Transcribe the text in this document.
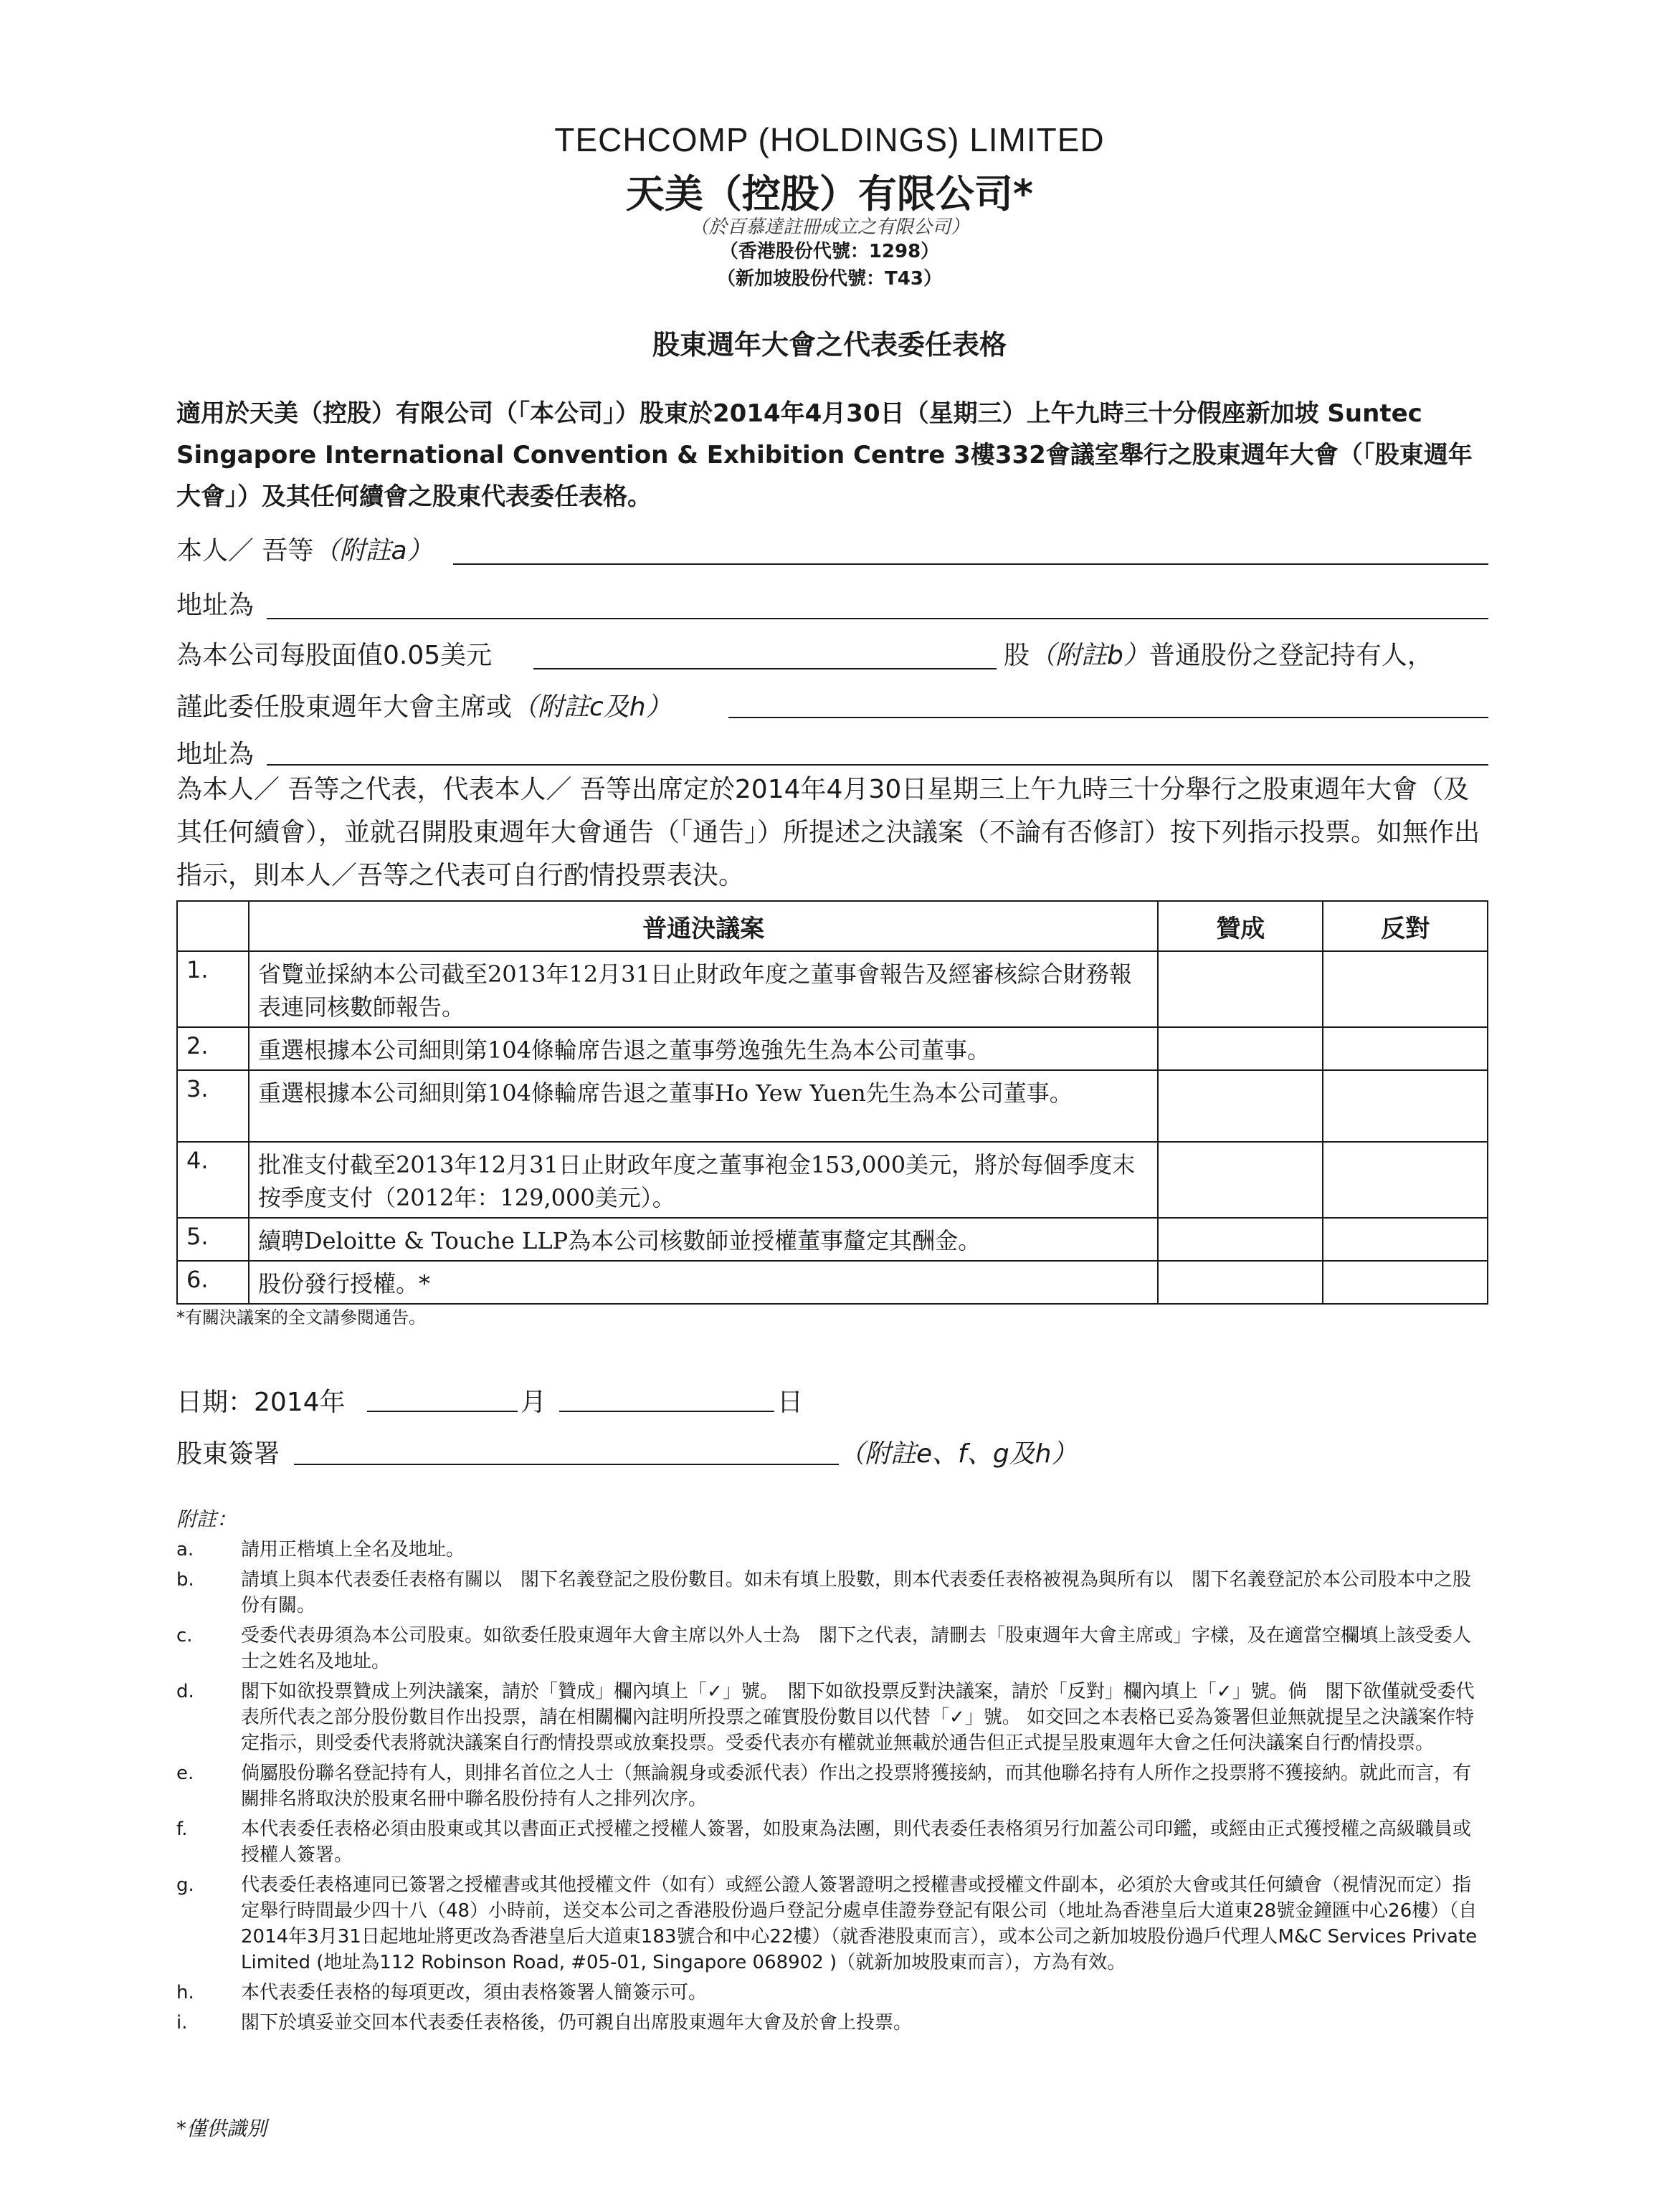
TECHCOMP (HOLDINGS) LIMITED
天美（控股）有限公司*
（於百慕達註冊成立之有限公司）
（香港股份代號：1298）
（新加坡股份代號：T43）
股東週年大會之代表委任表格
適用於天美（控股）有限公司（「本公司」）股東於2014年4月30日（星期三）上午九時三十分假座新加坡 Suntec Singapore International Convention & Exhibition Centre 3樓332會議室舉行之股東週年大會（「股東週年大會」）及其任何續會之股東代表委任表格。
本人／ 吾等（附註a）
地址為
為本公司每股面值0.05美元	股（附註b）普通股份之登記持有人，
謹此委任股東週年大會主席或（附註c及h）
地址為
為本人／ 吾等之代表，代表本人／ 吾等出席定於2014年4月30日星期三上午九時三十分舉行之股東週年大會（及其任何續會），並就召開股東週年大會通告（「通告」）所提述之決議案（不論有否修訂）按下列指示投票。如無作出指示，則本人／吾等之代表可自行酌情投票表決。
	普通決議案	贊成	反對
1.	省覽並採納本公司截至2013年12月31日止財政年度之董事會報告及經審核綜合財務報表連同核數師報告。		
2.	重選根據本公司細則第104條輪席告退之董事勞逸強先生為本公司董事。		
3.	重選根據本公司細則第104條輪席告退之董事Ho Yew Yuen先生為本公司董事。		
4.	批准支付截至2013年12月31日止財政年度之董事袍金153,000美元，將於每個季度末按季度支付（2012年：129,000美元）。		
5.	續聘Deloitte & Touche LLP為本公司核數師並授權董事釐定其酬金。		
6.	股份發行授權。*		
*有關決議案的全文請參閱通告。
日期：2014年	月	日
股東簽署	（附註e、f、g及h）
附註：
a.	請用正楷填上全名及地址。
b.	請填上與本代表委任表格有關以　閣下名義登記之股份數目。如未有填上股數，則本代表委任表格被視為與所有以　閣下名義登記於本公司股本中之股份有關。
c.	受委代表毋須為本公司股東。如欲委任股東週年大會主席以外人士為　閣下之代表，請刪去「股東週年大會主席或」字樣，及在適當空欄填上該受委人士之姓名及地址。
d.	閣下如欲投票贊成上列決議案，請於「贊成」欄內填上「✓」號。　閣下如欲投票反對決議案，請於「反對」欄內填上「✓」號。倘　閣下欲僅就受委代表所代表之部分股份數目作出投票，請在相關欄內註明所投票之確實股份數目以代替「✓」號。 如交回之本表格已妥為簽署但並無就提呈之決議案作特定指示，則受委代表將就決議案自行酌情投票或放棄投票。受委代表亦有權就並無載於通告但正式提呈股東週年大會之任何決議案自行酌情投票。
e.	倘屬股份聯名登記持有人，則排名首位之人士（無論親身或委派代表）作出之投票將獲接納，而其他聯名持有人所作之投票將不獲接納。就此而言，有關排名將取決於股東名冊中聯名股份持有人之排列次序。
f.	本代表委任表格必須由股東或其以書面正式授權之授權人簽署，如股東為法團，則代表委任表格須另行加蓋公司印鑑，或經由正式獲授權之高級職員或授權人簽署。
g.	代表委任表格連同已簽署之授權書或其他授權文件（如有）或經公證人簽署證明之授權書或授權文件副本，必須於大會或其任何續會（視情況而定）指定舉行時間最少四十八（48）小時前，送交本公司之香港股份過戶登記分處卓佳證券登記有限公司（地址為香港皇后大道東28號金鐘匯中心26樓）（自2014年3月31日起地址將更改為香港皇后大道東183號合和中心22樓）（就香港股東而言），或本公司之新加坡股份過戶代理人M&C Services Private Limited (地址為112 Robinson Road, #05-01, Singapore 068902 )（就新加坡股東而言），方為有效。
h.	本代表委任表格的每項更改，須由表格簽署人簡簽示可。
i.	閣下於填妥並交回本代表委任表格後，仍可親自出席股東週年大會及於會上投票。
*僅供識別
